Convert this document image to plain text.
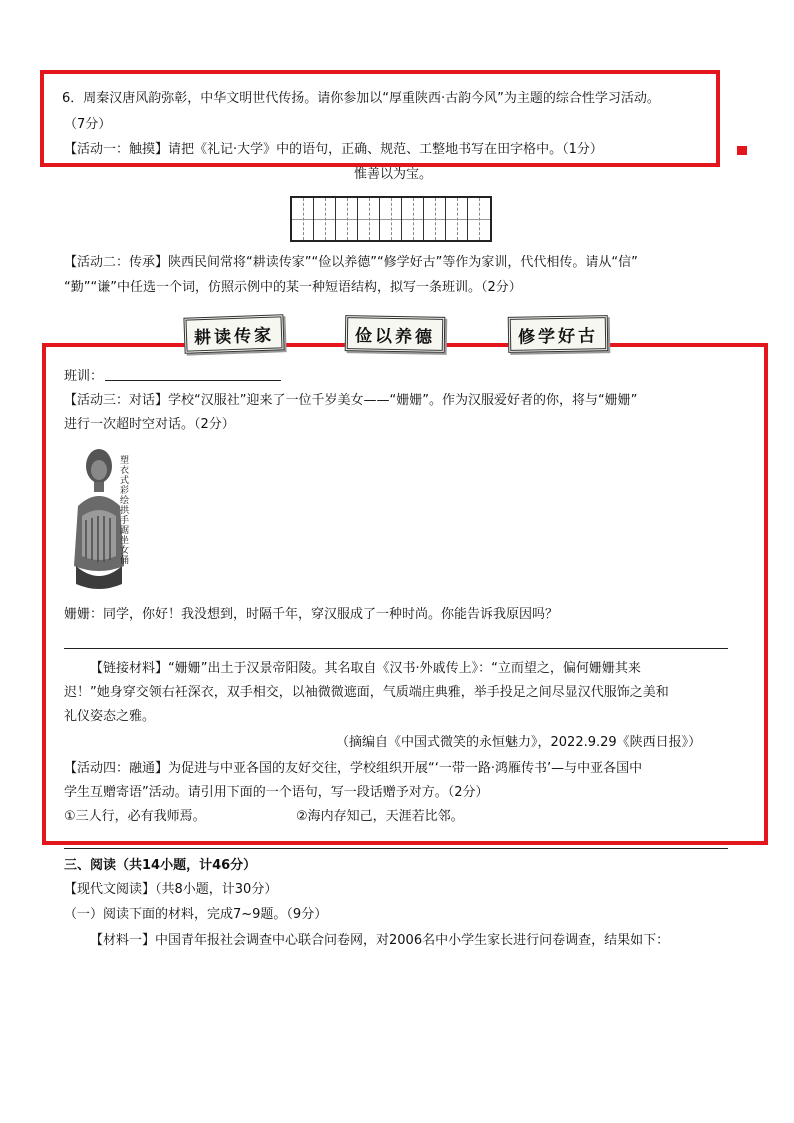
6．周秦汉唐风韵弥彰，中华文明世代传扬。请你参加以“厚重陕西·古韵今风”为主题的综合性学习活动。
（7分）
【活动一：触摸】请把《礼记·大学》中的语句，正确、规范、工整地书写在田字格中。（1分）
惟善以为宝。
【活动二：传承】陕西民间常将“耕读传家”“俭以养德”“修学好古”等作为家训，代代相传。请从“信”
“勤”“谦”中任选一个词，仿照示例中的某一种短语结构，拟写一条班训。（2分）
耕读传家	俭以养德	修学好古
班训：
【活动三：对话】学校“汉服社”迎来了一位千岁美女——“姗姗”。作为汉服爱好者的你，将与“姗姗”
进行一次超时空对话。（2分）
塑衣式彩绘拱手踞坐女俑
姗姗：同学，你好！我没想到，时隔千年，穿汉服成了一种时尚。你能告诉我原因吗？
【链接材料】“姗姗”出土于汉景帝阳陵。其名取自《汉书·外戚传上》：“立而望之，偏何姗姗其来
迟！”她身穿交领右衽深衣，双手相交，以袖微微遮面，气质端庄典雅，举手投足之间尽显汉代服饰之美和
礼仪姿态之雅。
（摘编自《中国式微笑的永恒魅力》，2022.9.29《陕西日报》）
【活动四：融通】为促进与中亚各国的友好交往，学校组织开展“‘一带一路·鸿雁传书’—与中亚各国中
学生互赠寄语”活动。请引用下面的一个语句，写一段话赠予对方。（2分）
①三人行，必有我师焉。	②海内存知己，天涯若比邻。
三、阅读（共14小题，计46分）
【现代文阅读】（共8小题，计30分）
（一）阅读下面的材料，完成7~9题。（9分）
【材料一】中国青年报社会调查中心联合问卷网，对2006名中小学生家长进行问卷调查，结果如下：
